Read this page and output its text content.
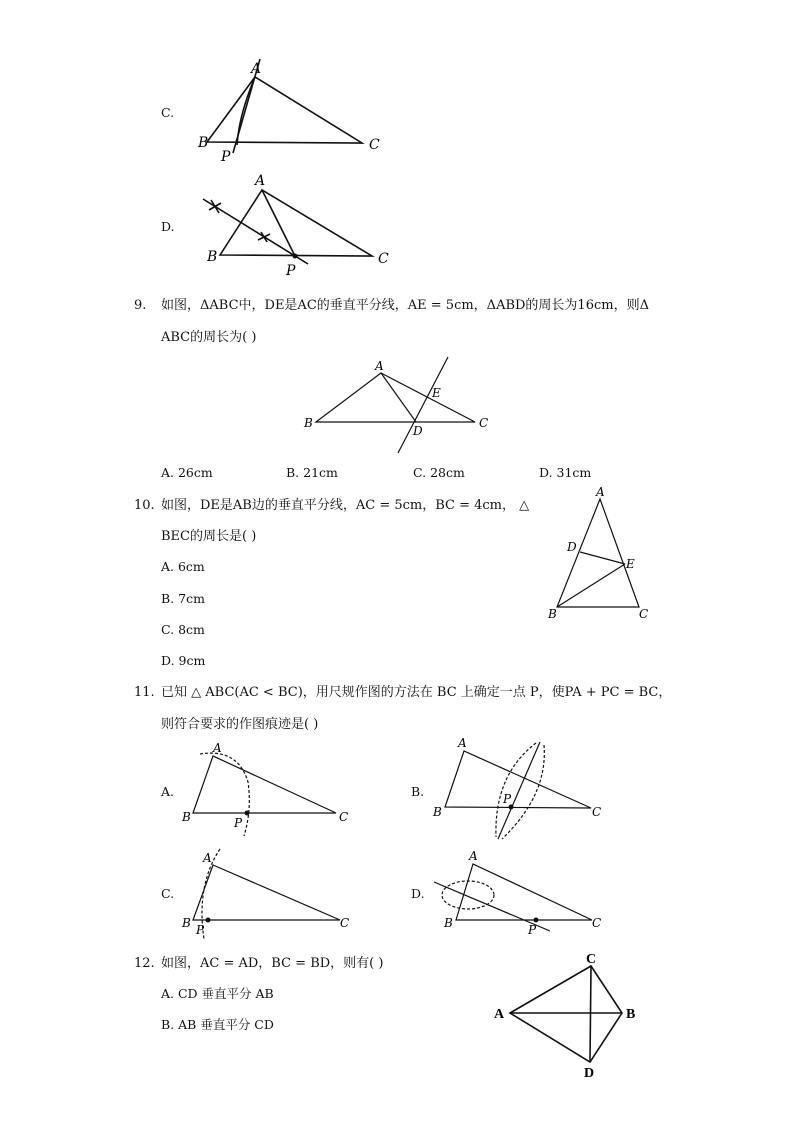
C.
A
B	C
P
D.
A
B	C
P
9. 如图，ΔABC中，DE是AC的垂直平分线，AE = 5cm，ΔABD的周长为16cm，则Δ
ABC的周长为( )
A
B	C
D
E
A. 26cm	B. 21cm	C. 28cm	D. 31cm
10. 如图，DE是AB边的垂直平分线，AC = 5cm，BC = 4cm， △
BEC的周长是( )
A. 6cm
B. 7cm
C. 8cm
D. 9cm
A
B	C
D
E
11. 已知 △ ABC(AC < BC)，用尺规作图的方法在 BC 上确定一点 P，使PA + PC = BC，
则符合要求的作图痕迹是( )
A.
A
B	C
P
B.
A
B	C
P
C.
A
B	C
P
D.
A
B	C
P
12. 如图，AC = AD，BC = BD，则有( )
A. CD 垂直平分 AB
B. AB 垂直平分 CD
C
A	B
D
